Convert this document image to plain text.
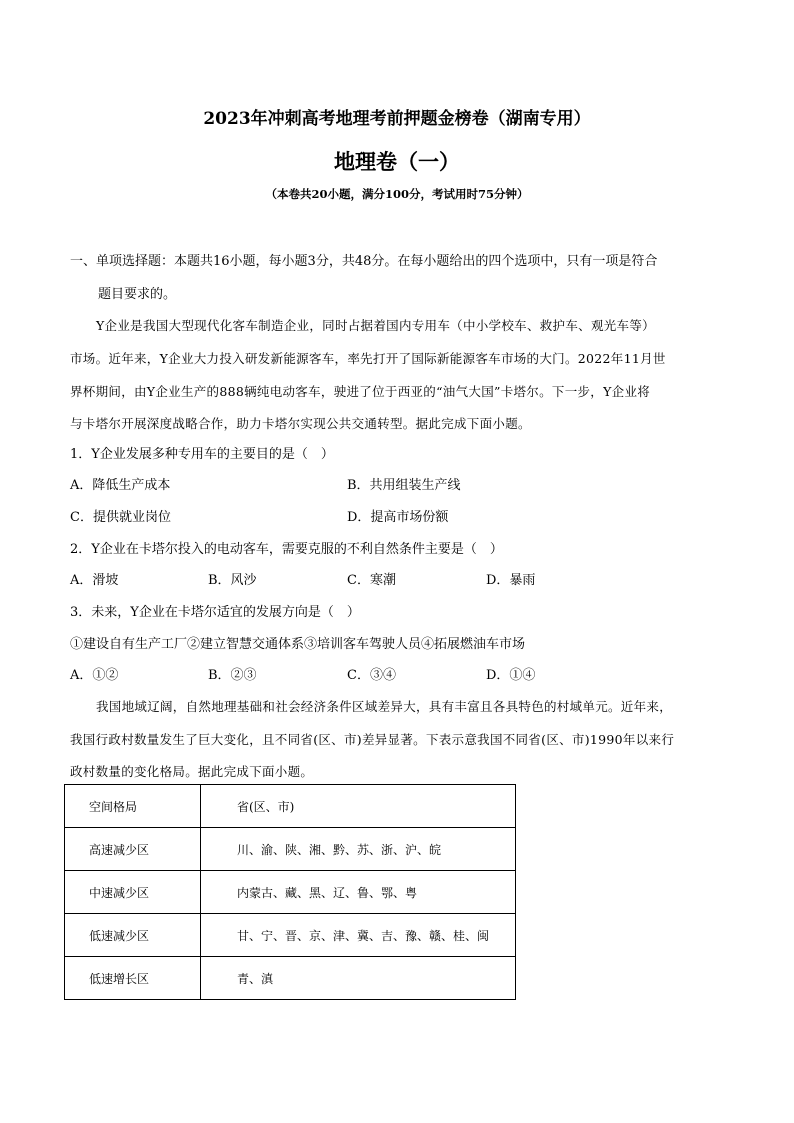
2023年冲刺高考地理考前押题金榜卷（湖南专用）
地理卷（一）
（本卷共20小题，满分100分，考试用时75分钟）
一、单项选择题：本题共16小题，每小题3分，共48分。在每小题给出的四个选项中，只有一项是符合
题目要求的。
Y企业是我国大型现代化客车制造企业，同时占据着国内专用车（中小学校车、救护车、观光车等）
市场。近年来，Y企业大力投入研发新能源客车，率先打开了国际新能源客车市场的大门。2022年11月世
界杯期间，由Y企业生产的888辆纯电动客车，驶进了位于西亚的“油气大国”卡塔尔。下一步，Y企业将
与卡塔尔开展深度战略合作，助力卡塔尔实现公共交通转型。据此完成下面小题。
1．Y企业发展多种专用车的主要目的是（　）
A．降低生产成本	B．共用组装生产线
C．提供就业岗位	D．提高市场份额
2．Y企业在卡塔尔投入的电动客车，需要克服的不利自然条件主要是（　）
A．滑坡	B．风沙	C．寒潮	D．暴雨
3．未来，Y企业在卡塔尔适宜的发展方向是（　）
①建设自有生产工厂②建立智慧交通体系③培训客车驾驶人员④拓展燃油车市场
A．①②	B．②③	C．③④	D．①④
我国地域辽阔，自然地理基础和社会经济条件区域差异大，具有丰富且各具特色的村域单元。近年来，
我国行政村数量发生了巨大变化，且不同省(区、市)差异显著。下表示意我国不同省(区、市)1990年以来行
政村数量的变化格局。据此完成下面小题。
空间格局	省(区、市)
高速减少区	川、渝、陕、湘、黔、苏、浙、沪、皖
中速减少区	内蒙古、藏、黑、辽、鲁、鄂、粤
低速减少区	甘、宁、晋、京、津、冀、吉、豫、赣、桂、闽
低速增长区	青、滇
